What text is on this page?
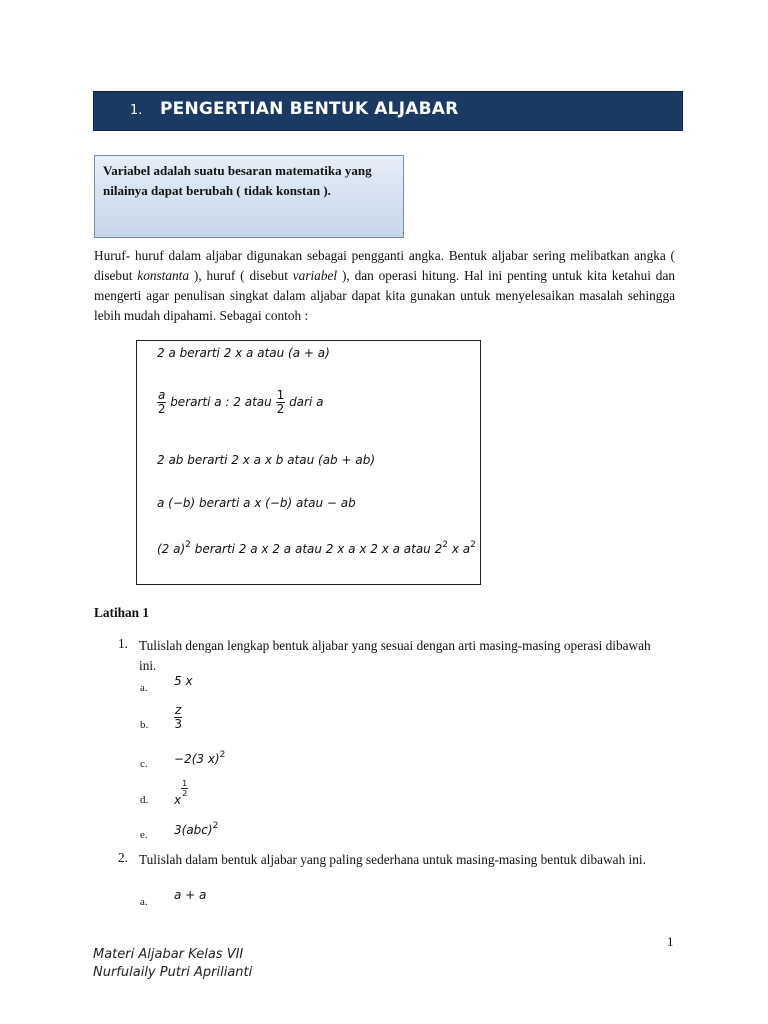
1. PENGERTIAN BENTUK ALJABAR
Variabel adalah suatu besaran matematika yang nilainya dapat berubah ( tidak konstan ).
Huruf- huruf dalam aljabar digunakan sebagai pengganti angka. Bentuk aljabar sering melibatkan angka ( disebut konstanta ), huruf ( disebut variabel ), dan operasi hitung. Hal ini penting untuk kita ketahui dan mengerti agar penulisan singkat dalam aljabar dapat kita gunakan untuk menyelesaikan masalah sehingga lebih mudah dipahami. Sebagai contoh :
2 a berarti 2 x a atau (a + a)
$\frac{a}{2}$ berarti a : 2 atau $\frac{1}{2}$ dari a
2 ab berarti 2 x a x b atau (ab + ab)
a (−b) berarti a x (−b) atau − ab
(2 a)$^2$ berarti 2 a x 2 a atau 2 x a x 2 x a atau $2^2$ x $a^2$
Latihan 1
1. Tulislah dengan lengkap bentuk aljabar yang sesuai dengan arti masing-masing operasi dibawah ini.
a. 5 x
b. $\frac{z}{3}$
c. −2(3 x)$^2$
d. x
$\frac{1}{2}$
e. 3(abc)$^2$
2. Tulislah dalam bentuk aljabar yang paling sederhana untuk masing-masing bentuk dibawah ini.
a. a + a
1
Materi Aljabar Kelas VII
Nurfulaily Putri Aprilianti
